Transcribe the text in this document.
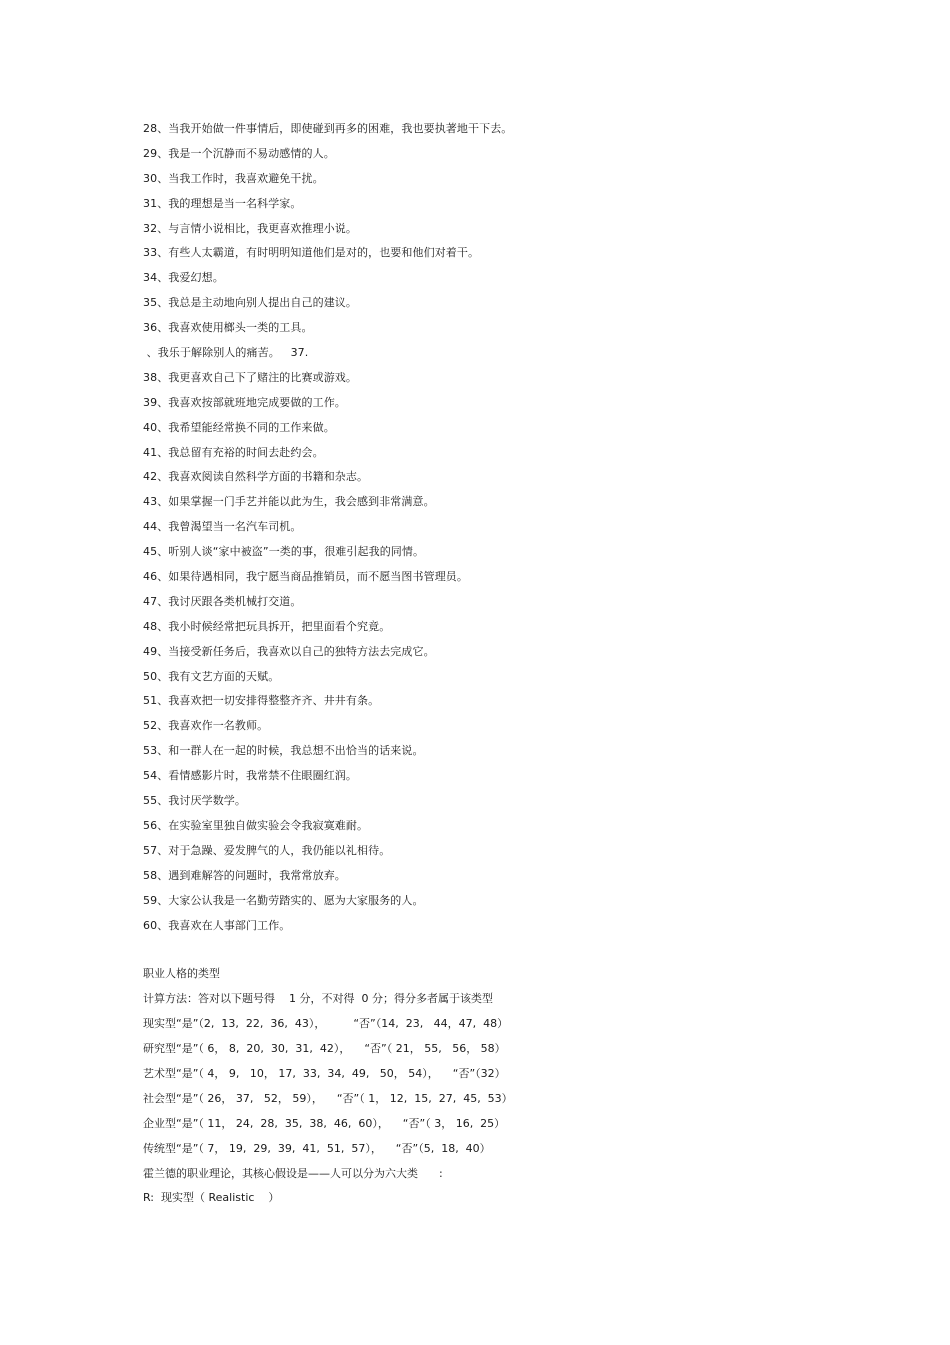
28、当我开始做一件事情后，即使碰到再多的困难，我也要执著地干下去。
29、我是一个沉静而不易动感情的人。
30、当我工作时，我喜欢避免干扰。
31、我的理想是当一名科学家。
32、与言情小说相比，我更喜欢推理小说。
33、有些人太霸道，有时明明知道他们是对的，也要和他们对着干。
34、我爱幻想。
35、我总是主动地向别人提出自己的建议。
36、我喜欢使用榔头一类的工具。
、我乐于解除别人的痛苦。   37.
38、我更喜欢自己下了赌注的比赛或游戏。
39、我喜欢按部就班地完成要做的工作。
40、我希望能经常换不同的工作来做。
41、我总留有充裕的时间去赴约会。
42、我喜欢阅读自然科学方面的书籍和杂志。
43、如果掌握一门手艺并能以此为生，我会感到非常满意。
44、我曾渴望当一名汽车司机。
45、听别人谈“家中被盗”一类的事，很难引起我的同情。
46、如果待遇相同，我宁愿当商品推销员，而不愿当图书管理员。
47、我讨厌跟各类机械打交道。
48、我小时候经常把玩具拆开，把里面看个究竟。
49、当接受新任务后，我喜欢以自己的独特方法去完成它。
50、我有文艺方面的天赋。
51、我喜欢把一切安排得整整齐齐、井井有条。
52、我喜欢作一名教师。
53、和一群人在一起的时候，我总想不出恰当的话来说。
54、看情感影片时，我常禁不住眼圈红润。
55、我讨厌学数学。
56、在实验室里独自做实验会令我寂寞难耐。
57、对于急躁、爱发脾气的人，我仍能以礼相待。
58、遇到难解答的问题时，我常常放弃。
59、大家公认我是一名勤劳踏实的、愿为大家服务的人。
60、我喜欢在人事部门工作。
职业人格的类型
计算方法：答对以下题号得    1 分，不对得  0 分；得分多者属于该类型
现实型“是”（2,  13,  22,  36,  43），        “否”（14,  23,   44，47,  48）
研究型“是”（ 6， 8,  20,  30,  31,  42），    “否”（ 21， 55,   56， 58）
艺术型“是”（ 4， 9,   10， 17,  33,  34,  49,   50， 54），    “否”（32）
社会型“是”（ 26， 37,   52， 59），    “否”（ 1， 12,  15,  27,  45,  53）
企业型“是”（ 11， 24,  28,  35,  38,  46,  60），    “否”（ 3， 16,  25）
传统型“是”（ 7， 19,  29,  39,  41,  51,  57），    “否”（5,  18,  40）
霍兰德的职业理论，其核心假设是——人可以分为六大类      :
R:  现实型（ Realistic    ）
